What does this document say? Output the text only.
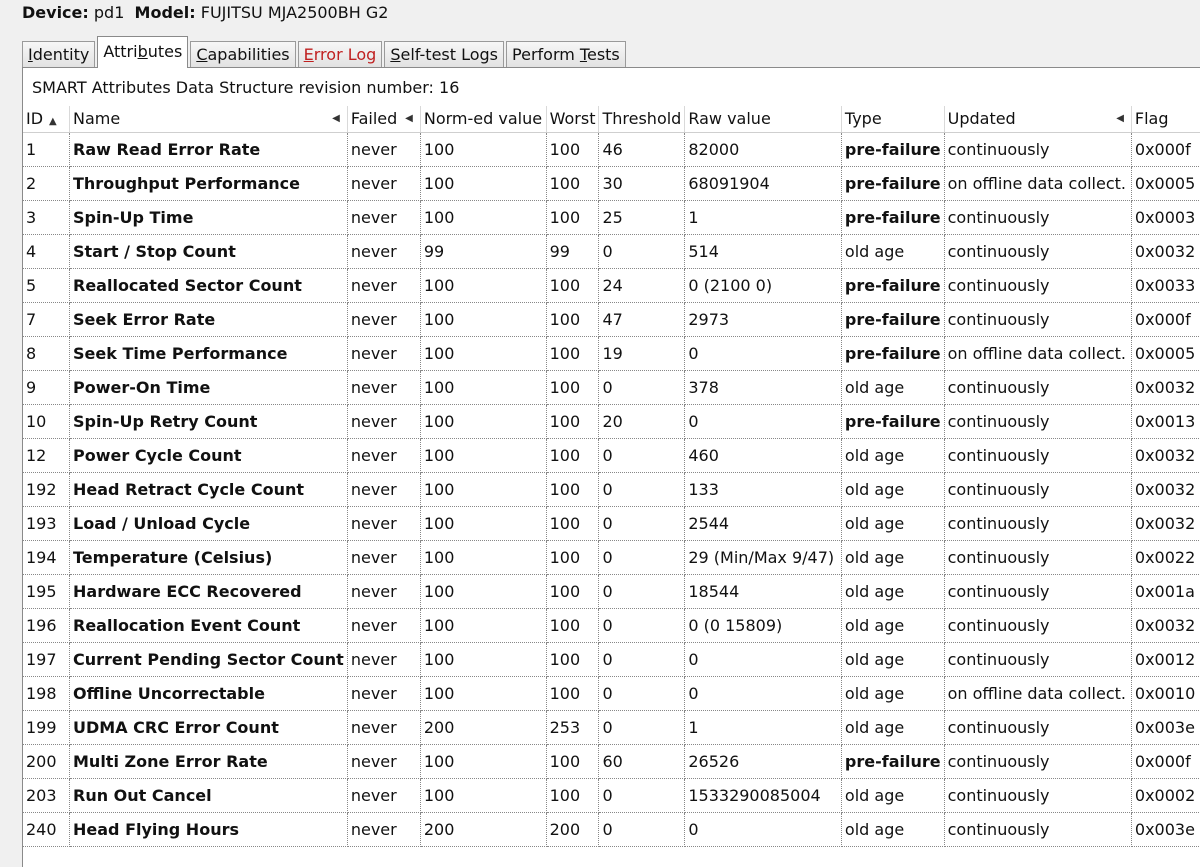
Device: pd1 Model: FUJITSU MJA2500BH G2
Identity Attributes Capabilities Error Log Self-test Logs Perform Tests
SMART Attributes Data Structure revision number: 16
ID ▲	Name ◀	Failed ◀	Norm-ed value	Worst	Threshold	Raw value	Type	Updated ◀	Flag
1	Raw Read Error Rate	never	100	100	46	82000	pre-failure	continuously	0x000f
2	Throughput Performance	never	100	100	30	68091904	pre-failure	on offline data collect.	0x0005
3	Spin-Up Time	never	100	100	25	1	pre-failure	continuously	0x0003
4	Start / Stop Count	never	99	99	0	514	old age	continuously	0x0032
5	Reallocated Sector Count	never	100	100	24	0 (2100 0)	pre-failure	continuously	0x0033
7	Seek Error Rate	never	100	100	47	2973	pre-failure	continuously	0x000f
8	Seek Time Performance	never	100	100	19	0	pre-failure	on offline data collect.	0x0005
9	Power-On Time	never	100	100	0	378	old age	continuously	0x0032
10	Spin-Up Retry Count	never	100	100	20	0	pre-failure	continuously	0x0013
12	Power Cycle Count	never	100	100	0	460	old age	continuously	0x0032
192	Head Retract Cycle Count	never	100	100	0	133	old age	continuously	0x0032
193	Load / Unload Cycle	never	100	100	0	2544	old age	continuously	0x0032
194	Temperature (Celsius)	never	100	100	0	29 (Min/Max 9/47)	old age	continuously	0x0022
195	Hardware ECC Recovered	never	100	100	0	18544	old age	continuously	0x001a
196	Reallocation Event Count	never	100	100	0	0 (0 15809)	old age	continuously	0x0032
197	Current Pending Sector Count	never	100	100	0	0	old age	continuously	0x0012
198	Offline Uncorrectable	never	100	100	0	0	old age	on offline data collect.	0x0010
199	UDMA CRC Error Count	never	200	253	0	1	old age	continuously	0x003e
200	Multi Zone Error Rate	never	100	100	60	26526	pre-failure	continuously	0x000f
203	Run Out Cancel	never	100	100	0	1533290085004	old age	continuously	0x0002
240	Head Flying Hours	never	200	200	0	0	old age	continuously	0x003e
